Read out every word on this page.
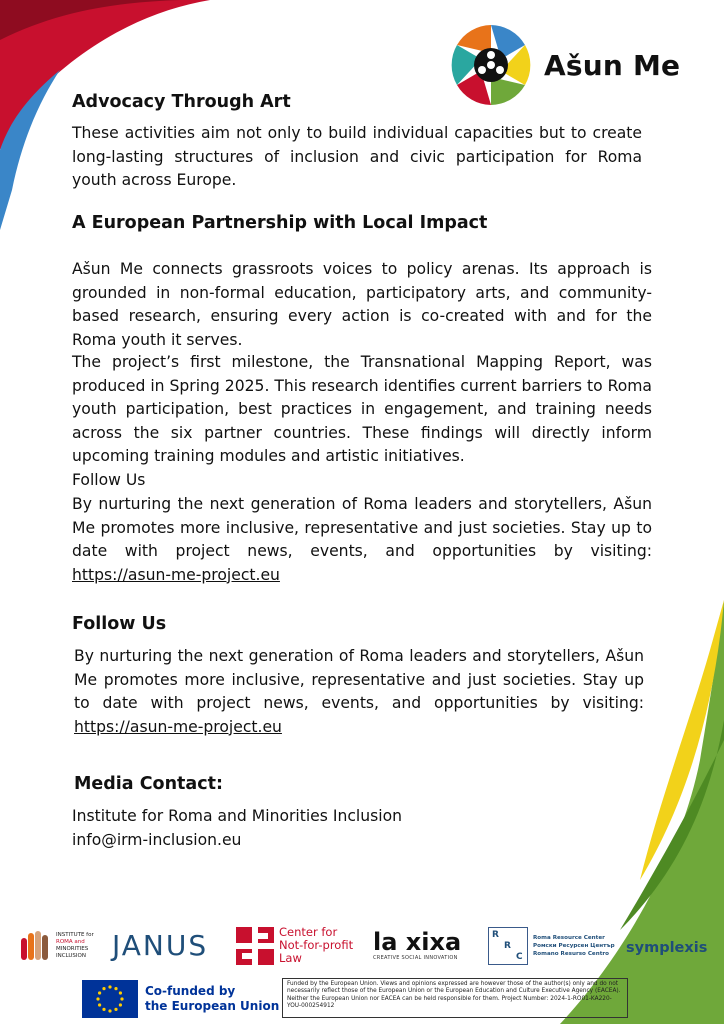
Ašun Me
Advocacy Through Art

These activities aim not only to build individual capacities but to create long-lasting structures of inclusion and civic participation for Roma youth across Europe.

A European Partnership with Local Impact

Ašun Me connects grassroots voices to policy arenas. Its approach is grounded in non-formal education, participatory arts, and community-based research, ensuring every action is co-created with and for the Roma youth it serves.

The project’s first milestone, the Transnational Mapping Report, was produced in Spring 2025. This research identifies current barriers to Roma youth participation, best practices in engagement, and training needs across the six partner countries. These findings will directly inform upcoming training modules and artistic initiatives.

Follow Us

By nurturing the next generation of Roma leaders and storytellers, Ašun Me promotes more inclusive, representative and just societies. Stay up to date with project news, events, and opportunities by visiting: https://asun-me-project.eu

Follow Us

By nurturing the next generation of Roma leaders and storytellers, Ašun Me promotes more inclusive, representative and just societies. Stay up to date with project news, events, and opportunities by visiting: https://asun-me-project.eu

Media Contact:

Institute for Roma and Minorities Inclusion

info@irm-inclusion.eu

INSTITUTE for
ROMA and
MINORITIES
INCLUSION JANUS	Center for
Not-for-profit
Law
la xixa
CREATIVE SOCIAL INNOVATION
R
R
C
Roma Resource Center
Ромски Ресурсен Център
Romano Resurso Centro	symplexis
Co-funded by
the European Union
Funded by the European Union. Views and opinions expressed are however those of the author(s) only and do not necessarily reflect those of the European Union or the European Education and Culture Executive Agency (EACEA). Neither the European Union nor EACEA can be held responsible for them. Project Number: 2024-1-RO01-KA220-YOU-000254912
